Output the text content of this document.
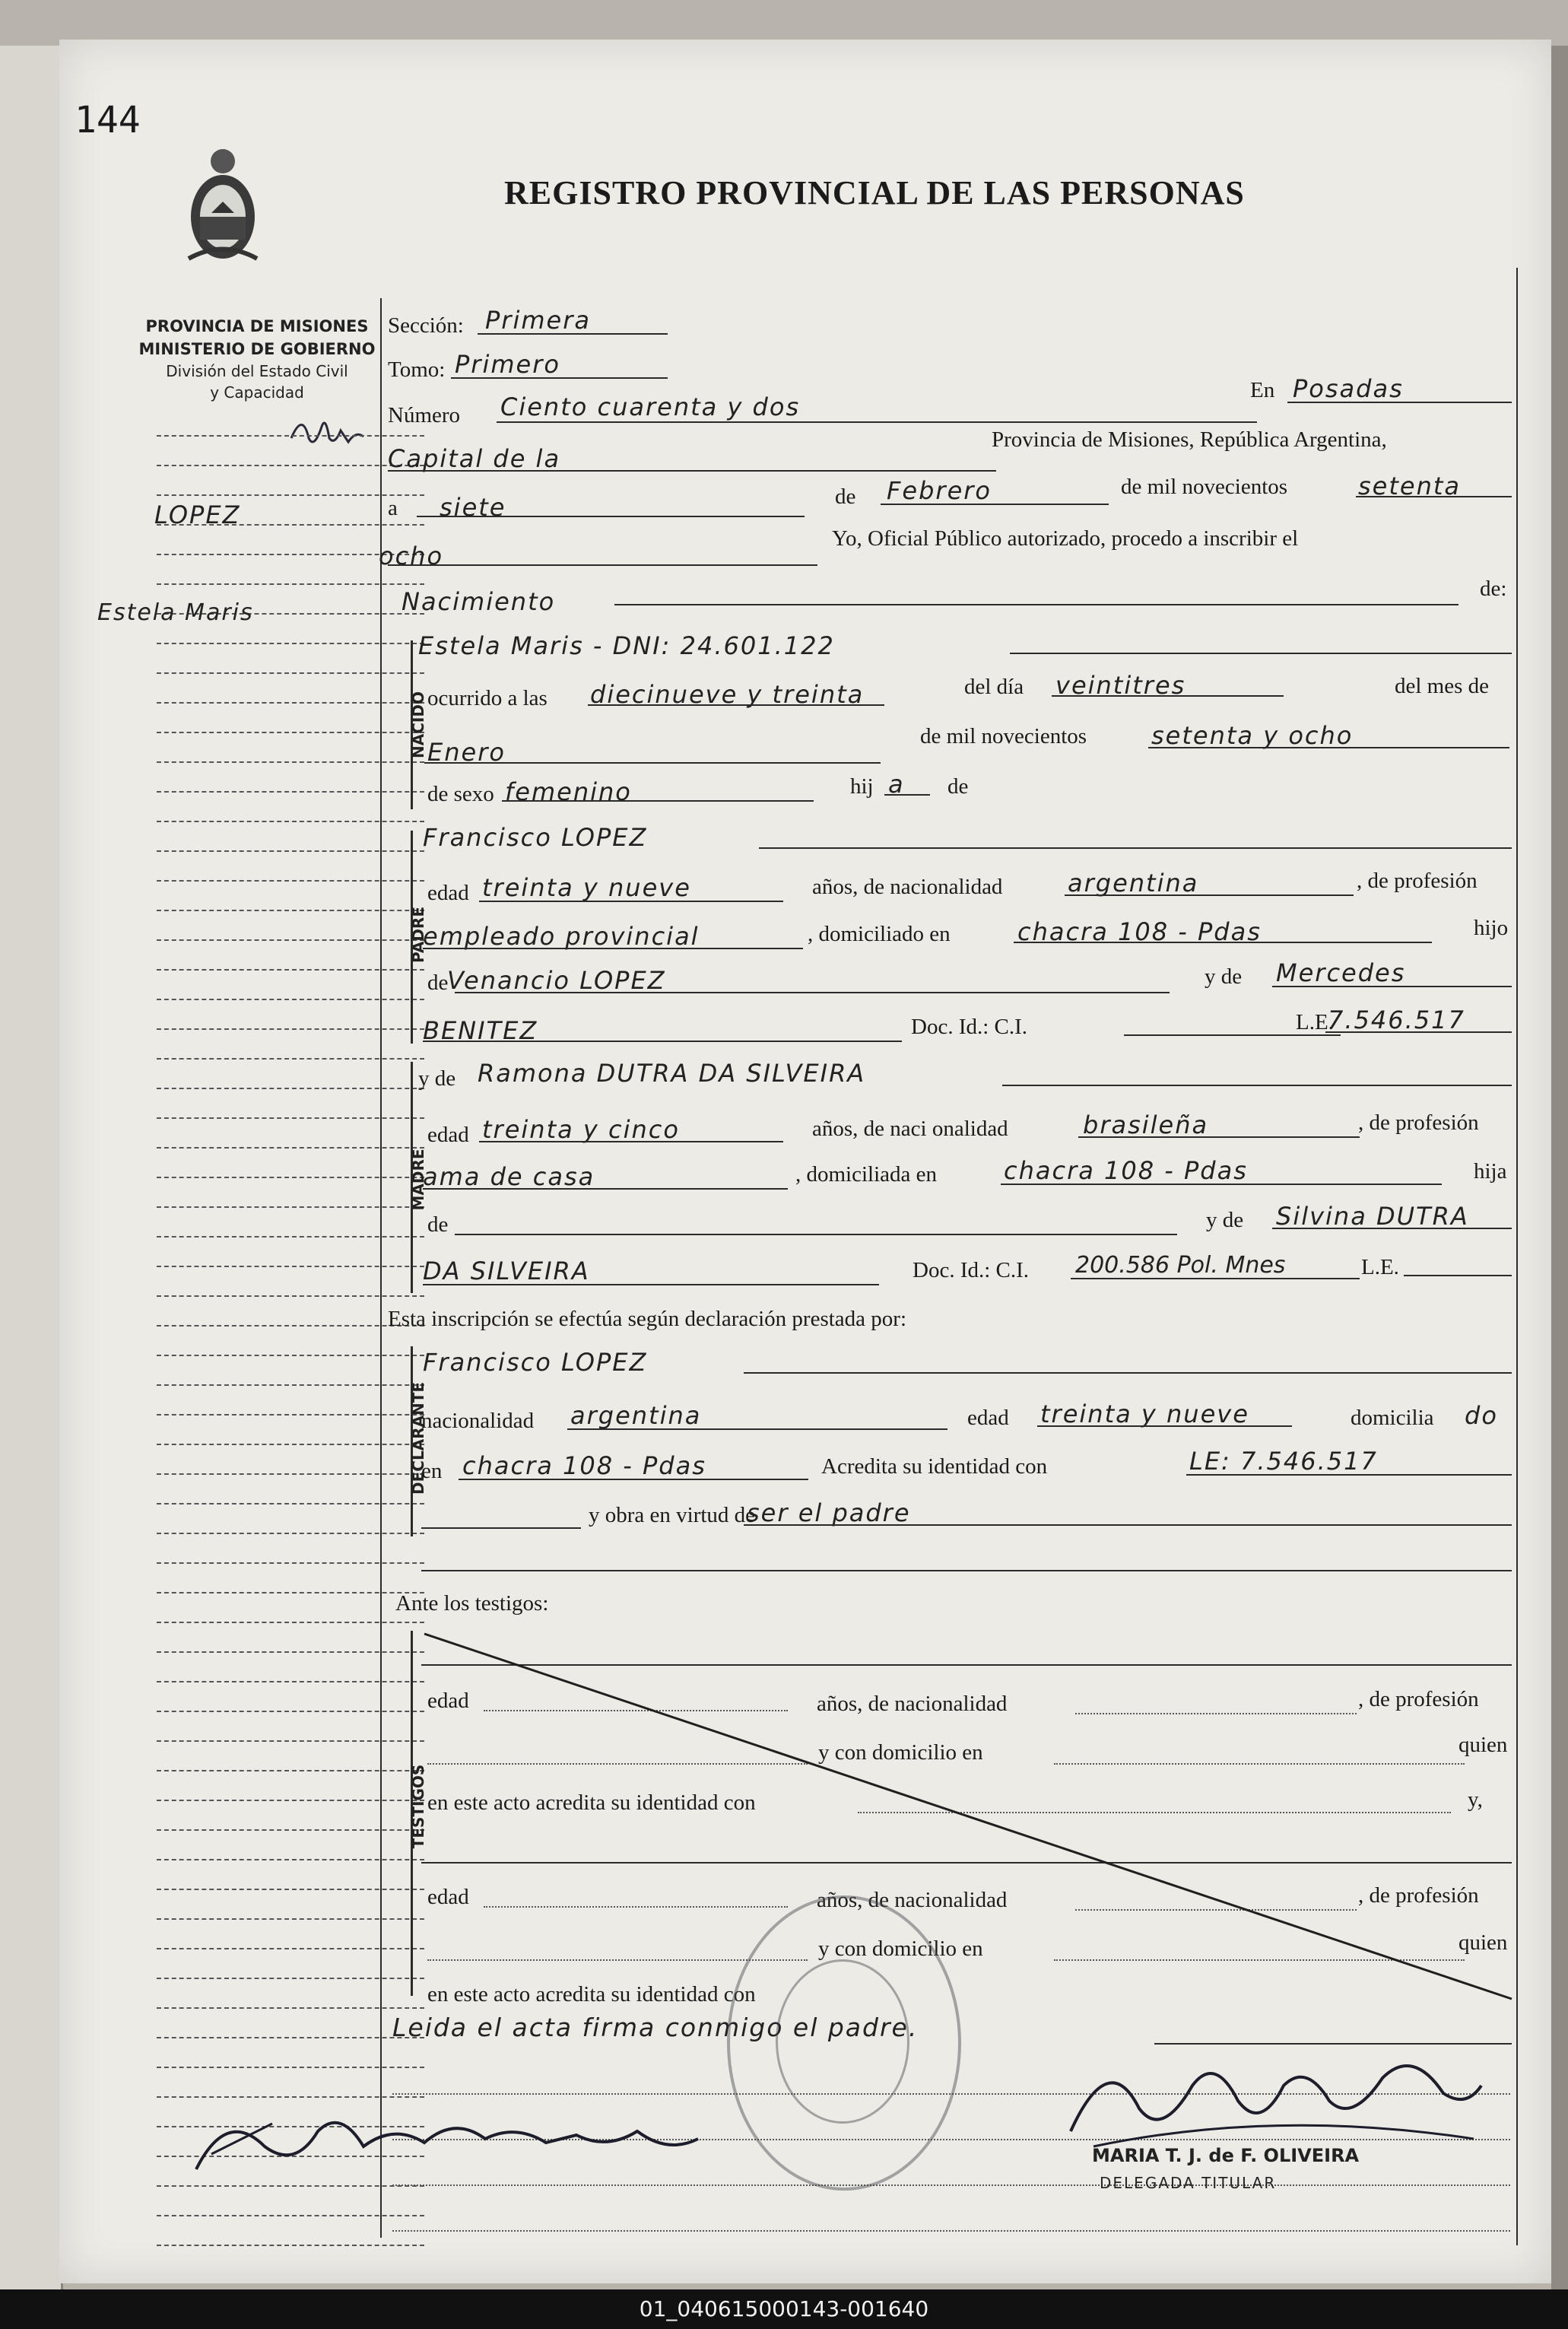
144
REGISTRO PROVINCIAL DE LAS PERSONAS
PROVINCIA DE MISIONES
MINISTERIO DE GOBIERNO
División del Estado Civil
y Capacidad
LOPEZ
Estela Maris
Sección: Primera
Tomo: Primero
Número Ciento cuarenta y dos
En Posadas
Capital de la
Provincia de Misiones, República Argentina,
a siete	de Febrero	de mil novecientos	setenta
ocho
Yo, Oficial Público autorizado, procedo a inscribir el
Nacimiento	de:
NACIDO
Estela Maris - DNI: 24.601.122
ocurrido a las diecinueve y treinta	del día veintitres	del mes de
Enero
de mil novecientos	setenta y ocho
de sexo femenino	hij a de
PADRE
Francisco LOPEZ
edad treinta y nueve	años, de nacionalidad	argentina	, de profesión
empleado provincial	, domiciliado en	chacra 108 - Pdas	hijo
de
Venancio LOPEZ	y de Mercedes
BENITEZ	Doc. Id.: C.I.	L.E.
7.546.517
MADRE
y de Ramona DUTRA DA SILVEIRA
edad treinta y cinco	años, de naci onalidad	brasileña	, de profesión
ama de casa	, domiciliada en	chacra 108 - Pdas	hija
de	y de Silvina DUTRA
DA SILVEIRA	Doc. Id.: C.I. 200.586 Pol. Mnes	L.E.
Esta inscripción se efectúa según declaración prestada por:
DECLARANTE
Francisco LOPEZ
nacionalidad argentina	edad treinta y nueve	domicilia do
en chacra 108 - Pdas	Acredita su identidad con	LE: 7.546.517
y obra en virtud de
ser el padre
Ante los testigos:
TESTIGOS
edad	años, de nacionalidad	, de profesión
y con domicilio en	quien
en este acto acredita su identidad con	y,
edad	años, de nacionalidad	, de profesión
y con domicilio en	quien
en este acto acredita su identidad con
Leida el acta firma conmigo el padre.
MARIA T. J. de F. OLIVEIRA
DELEGADA TITULAR
01_040615000143-001640
